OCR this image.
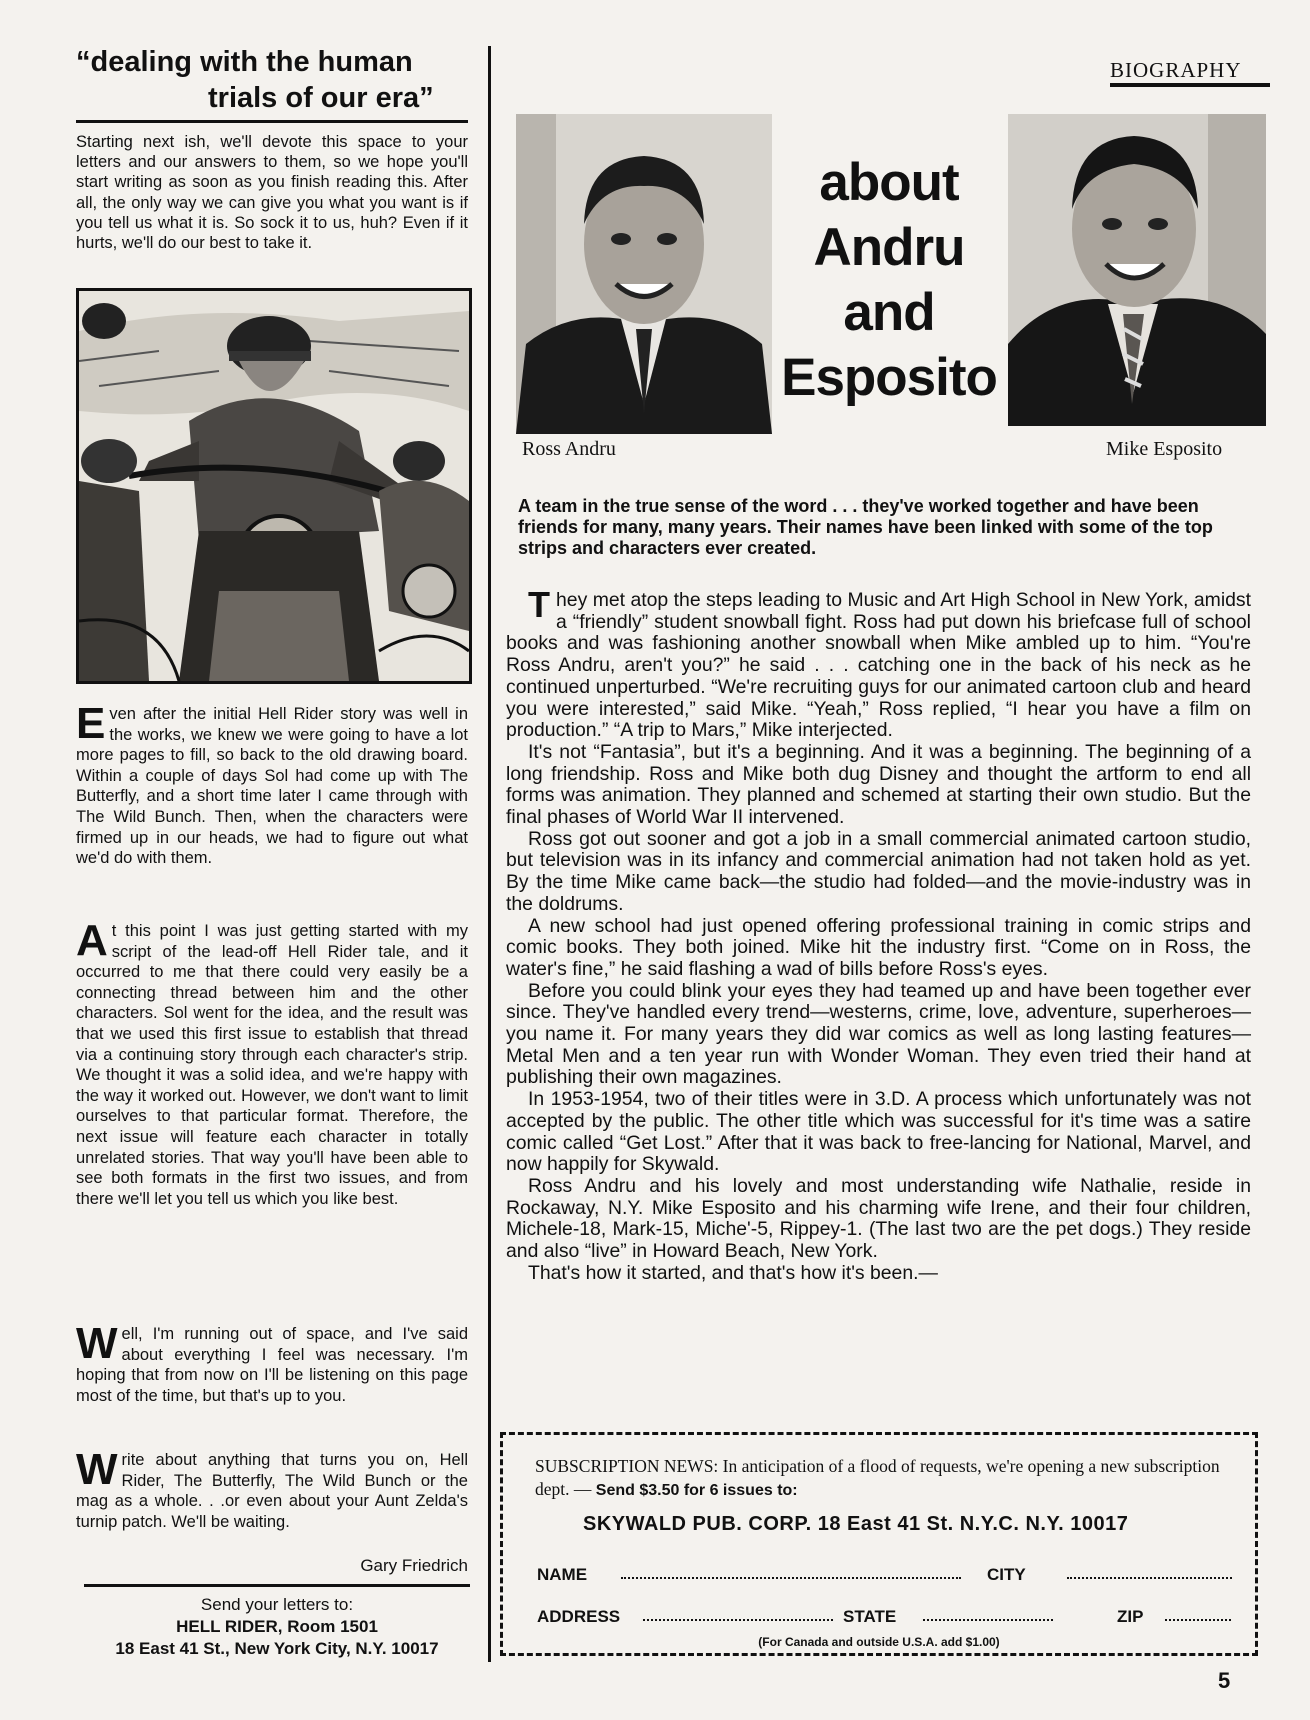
“dealing with the human
trials of our era”
Starting next ish, we'll devote this space to your letters and our answers to them, so we hope you'll start writing as soon as you finish reading this. After all, the only way we can give you what you want is if you tell us what it is. So sock it to us, huh? Even if it hurts, we'll do our best to take it.
Even after the initial Hell Rider story was well in the works, we knew we were going to have a lot more pages to fill, so back to the old drawing board. Within a couple of days Sol had come up with The Butterfly, and a short time later I came through with The Wild Bunch. Then, when the characters were firmed up in our heads, we had to figure out what we'd do with them.
At this point I was just getting started with my script of the lead-off Hell Rider tale, and it occurred to me that there could very easily be a connecting thread between him and the other characters. Sol went for the idea, and the result was that we used this first issue to establish that thread via a continuing story through each character's strip. We thought it was a solid idea, and we're happy with the way it worked out. However, we don't want to limit ourselves to that particular format. Therefore, the next issue will feature each character in totally unrelated stories. That way you'll have been able to see both formats in the first two issues, and from there we'll let you tell us which you like best.
Well, I'm running out of space, and I've said about everything I feel was necessary. I'm hoping that from now on I'll be listening on this page most of the time, but that's up to you.
Write about anything that turns you on, Hell Rider, The Butterfly, The Wild Bunch or the mag as a whole. . .or even about your Aunt Zelda's turnip patch. We'll be waiting.
Gary Friedrich
Send your letters to:
HELL RIDER, Room 1501
18 East 41 St., New York City, N.Y. 10017
BIOGRAPHY
about
Andru
and
Esposito
Ross Andru	Mike Esposito
A team in the true sense of the word . . . they've worked together and have been friends for many, many years. Their names have been linked with some of the top strips and characters ever created.

They met atop the steps leading to Music and Art High School in New York, amidst a “friendly” student snowball fight. Ross had put down his briefcase full of school books and was fashioning another snowball when Mike ambled up to him. “You're Ross Andru, aren't you?” he said . . . catching one in the back of his neck as he continued unperturbed. “We're recruiting guys for our animated cartoon club and heard you were interested,” said Mike. “Yeah,” Ross replied, “I hear you have a film on production.” “A trip to Mars,” Mike interjected.

It's not “Fantasia”, but it's a beginning. And it was a beginning. The beginning of a long friendship. Ross and Mike both dug Disney and thought the artform to end all forms was animation. They planned and schemed at starting their own studio. But the final phases of World War II intervened.

Ross got out sooner and got a job in a small commercial animated cartoon studio, but television was in its infancy and commercial animation had not taken hold as yet. By the time Mike came back—the studio had folded—and the movie-industry was in the doldrums.

A new school had just opened offering professional training in comic strips and comic books. They both joined. Mike hit the industry first. “Come on in Ross, the water's fine,” he said flashing a wad of bills before Ross's eyes.

Before you could blink your eyes they had teamed up and have been together ever since. They've handled every trend—westerns, crime, love, adventure, superheroes—you name it. For many years they did war comics as well as long lasting features— Metal Men and a ten year run with Wonder Woman. They even tried their hand at publishing their own magazines.

In 1953-1954, two of their titles were in 3.D. A process which unfortunately was not accepted by the public. The other title which was successful for it's time was a satire comic called “Get Lost.” After that it was back to free-lancing for National, Marvel, and now happily for Skywald.

Ross Andru and his lovely and most understanding wife Nathalie, reside in Rockaway, N.Y. Mike Esposito and his charming wife Irene, and their four children, Michele-18, Mark-15, Miche'-5, Rippey-1. (The last two are the pet dogs.) They reside and also “live” in Howard Beach, New York.

That's how it started, and that's how it's been.—

SUBSCRIPTION NEWS: In anticipation of a flood of requests, we're opening a new subscription dept. — Send $3.50 for 6 issues to:
SKYWALD PUB. CORP. 18 East 41 St. N.Y.C. N.Y. 10017
NAME	CITY
ADDRESS	STATE	ZIP
(For Canada and outside U.S.A. add $1.00)
5
